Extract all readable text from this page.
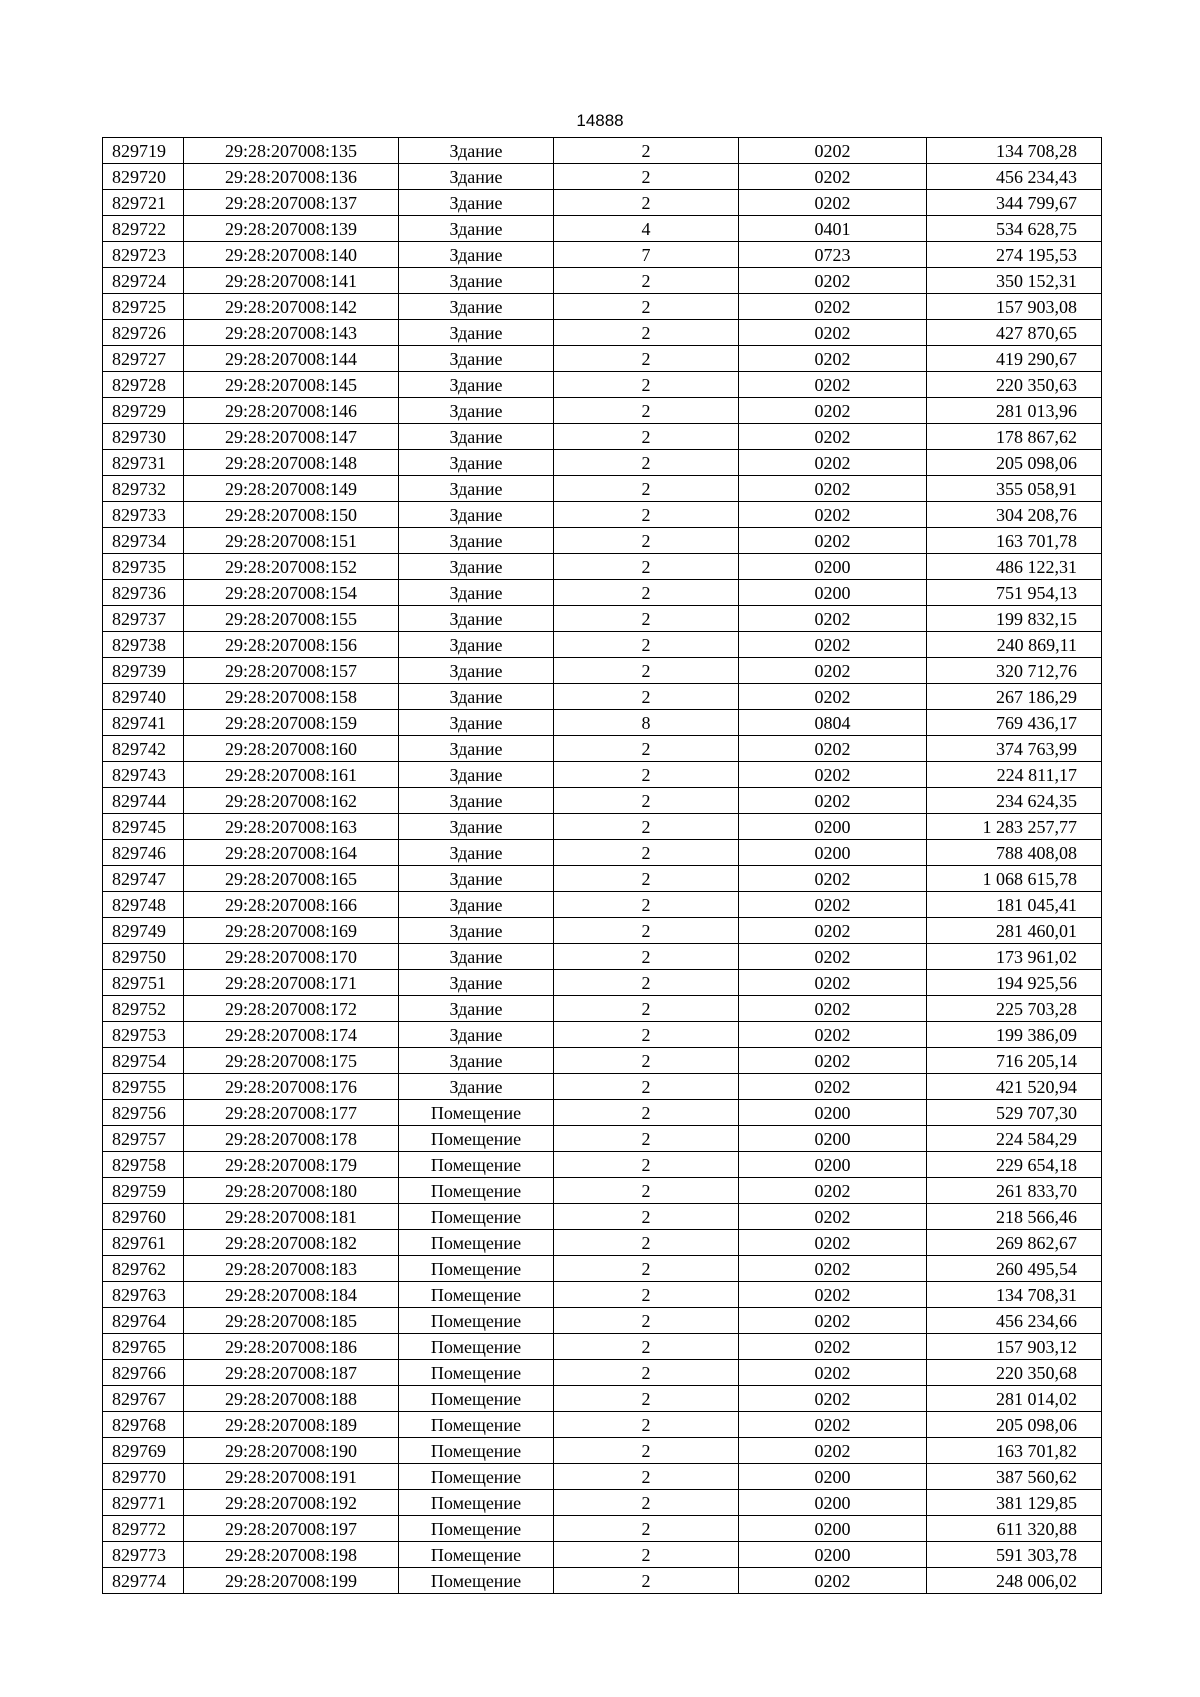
14888
829719	29:28:207008:135	Здание	2	0202	134 708,28
829720	29:28:207008:136	Здание	2	0202	456 234,43
829721	29:28:207008:137	Здание	2	0202	344 799,67
829722	29:28:207008:139	Здание	4	0401	534 628,75
829723	29:28:207008:140	Здание	7	0723	274 195,53
829724	29:28:207008:141	Здание	2	0202	350 152,31
829725	29:28:207008:142	Здание	2	0202	157 903,08
829726	29:28:207008:143	Здание	2	0202	427 870,65
829727	29:28:207008:144	Здание	2	0202	419 290,67
829728	29:28:207008:145	Здание	2	0202	220 350,63
829729	29:28:207008:146	Здание	2	0202	281 013,96
829730	29:28:207008:147	Здание	2	0202	178 867,62
829731	29:28:207008:148	Здание	2	0202	205 098,06
829732	29:28:207008:149	Здание	2	0202	355 058,91
829733	29:28:207008:150	Здание	2	0202	304 208,76
829734	29:28:207008:151	Здание	2	0202	163 701,78
829735	29:28:207008:152	Здание	2	0200	486 122,31
829736	29:28:207008:154	Здание	2	0200	751 954,13
829737	29:28:207008:155	Здание	2	0202	199 832,15
829738	29:28:207008:156	Здание	2	0202	240 869,11
829739	29:28:207008:157	Здание	2	0202	320 712,76
829740	29:28:207008:158	Здание	2	0202	267 186,29
829741	29:28:207008:159	Здание	8	0804	769 436,17
829742	29:28:207008:160	Здание	2	0202	374 763,99
829743	29:28:207008:161	Здание	2	0202	224 811,17
829744	29:28:207008:162	Здание	2	0202	234 624,35
829745	29:28:207008:163	Здание	2	0200	1 283 257,77
829746	29:28:207008:164	Здание	2	0200	788 408,08
829747	29:28:207008:165	Здание	2	0202	1 068 615,78
829748	29:28:207008:166	Здание	2	0202	181 045,41
829749	29:28:207008:169	Здание	2	0202	281 460,01
829750	29:28:207008:170	Здание	2	0202	173 961,02
829751	29:28:207008:171	Здание	2	0202	194 925,56
829752	29:28:207008:172	Здание	2	0202	225 703,28
829753	29:28:207008:174	Здание	2	0202	199 386,09
829754	29:28:207008:175	Здание	2	0202	716 205,14
829755	29:28:207008:176	Здание	2	0202	421 520,94
829756	29:28:207008:177	Помещение	2	0200	529 707,30
829757	29:28:207008:178	Помещение	2	0200	224 584,29
829758	29:28:207008:179	Помещение	2	0200	229 654,18
829759	29:28:207008:180	Помещение	2	0202	261 833,70
829760	29:28:207008:181	Помещение	2	0202	218 566,46
829761	29:28:207008:182	Помещение	2	0202	269 862,67
829762	29:28:207008:183	Помещение	2	0202	260 495,54
829763	29:28:207008:184	Помещение	2	0202	134 708,31
829764	29:28:207008:185	Помещение	2	0202	456 234,66
829765	29:28:207008:186	Помещение	2	0202	157 903,12
829766	29:28:207008:187	Помещение	2	0202	220 350,68
829767	29:28:207008:188	Помещение	2	0202	281 014,02
829768	29:28:207008:189	Помещение	2	0202	205 098,06
829769	29:28:207008:190	Помещение	2	0202	163 701,82
829770	29:28:207008:191	Помещение	2	0200	387 560,62
829771	29:28:207008:192	Помещение	2	0200	381 129,85
829772	29:28:207008:197	Помещение	2	0200	611 320,88
829773	29:28:207008:198	Помещение	2	0200	591 303,78
829774	29:28:207008:199	Помещение	2	0202	248 006,02
